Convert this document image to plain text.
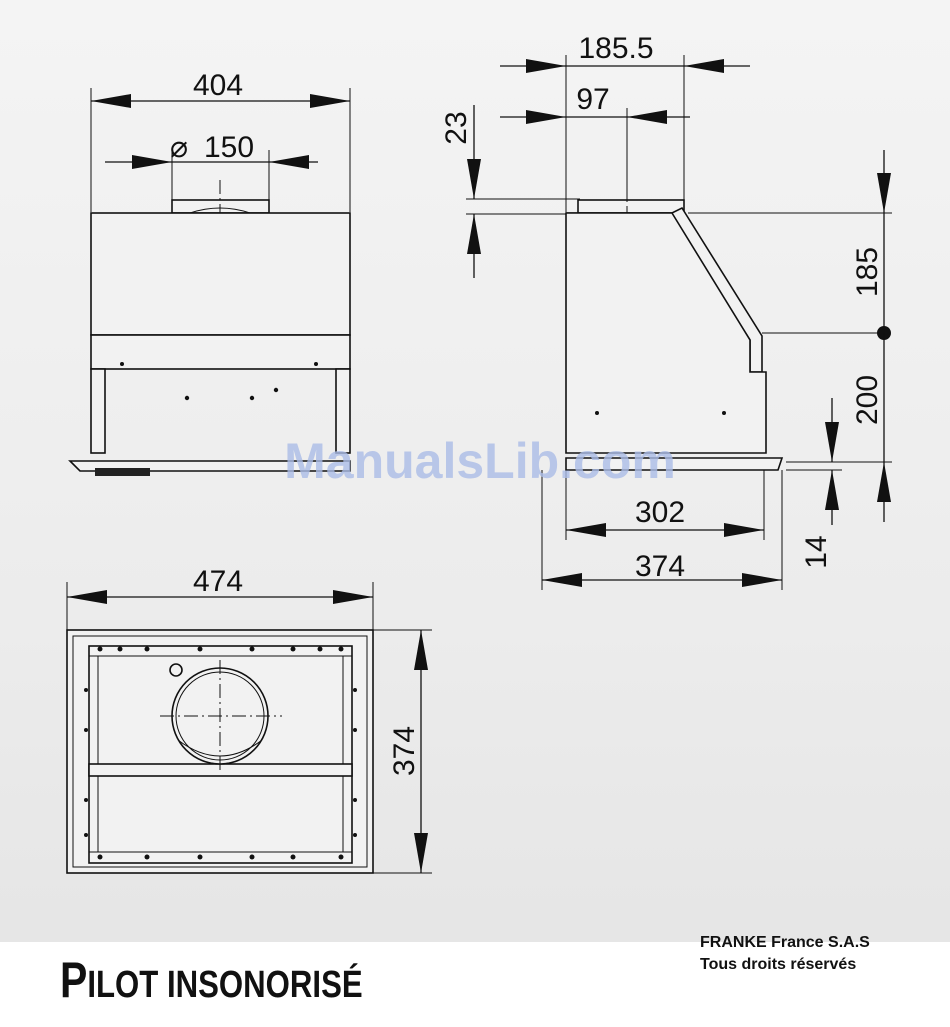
404
⌀ 150
185.5
97
23
185
200
14
302
374
474
374
ManualsLib.com
PILOT INSONORISÉ
FRANKE France S.A.S
Tous droits réservés
